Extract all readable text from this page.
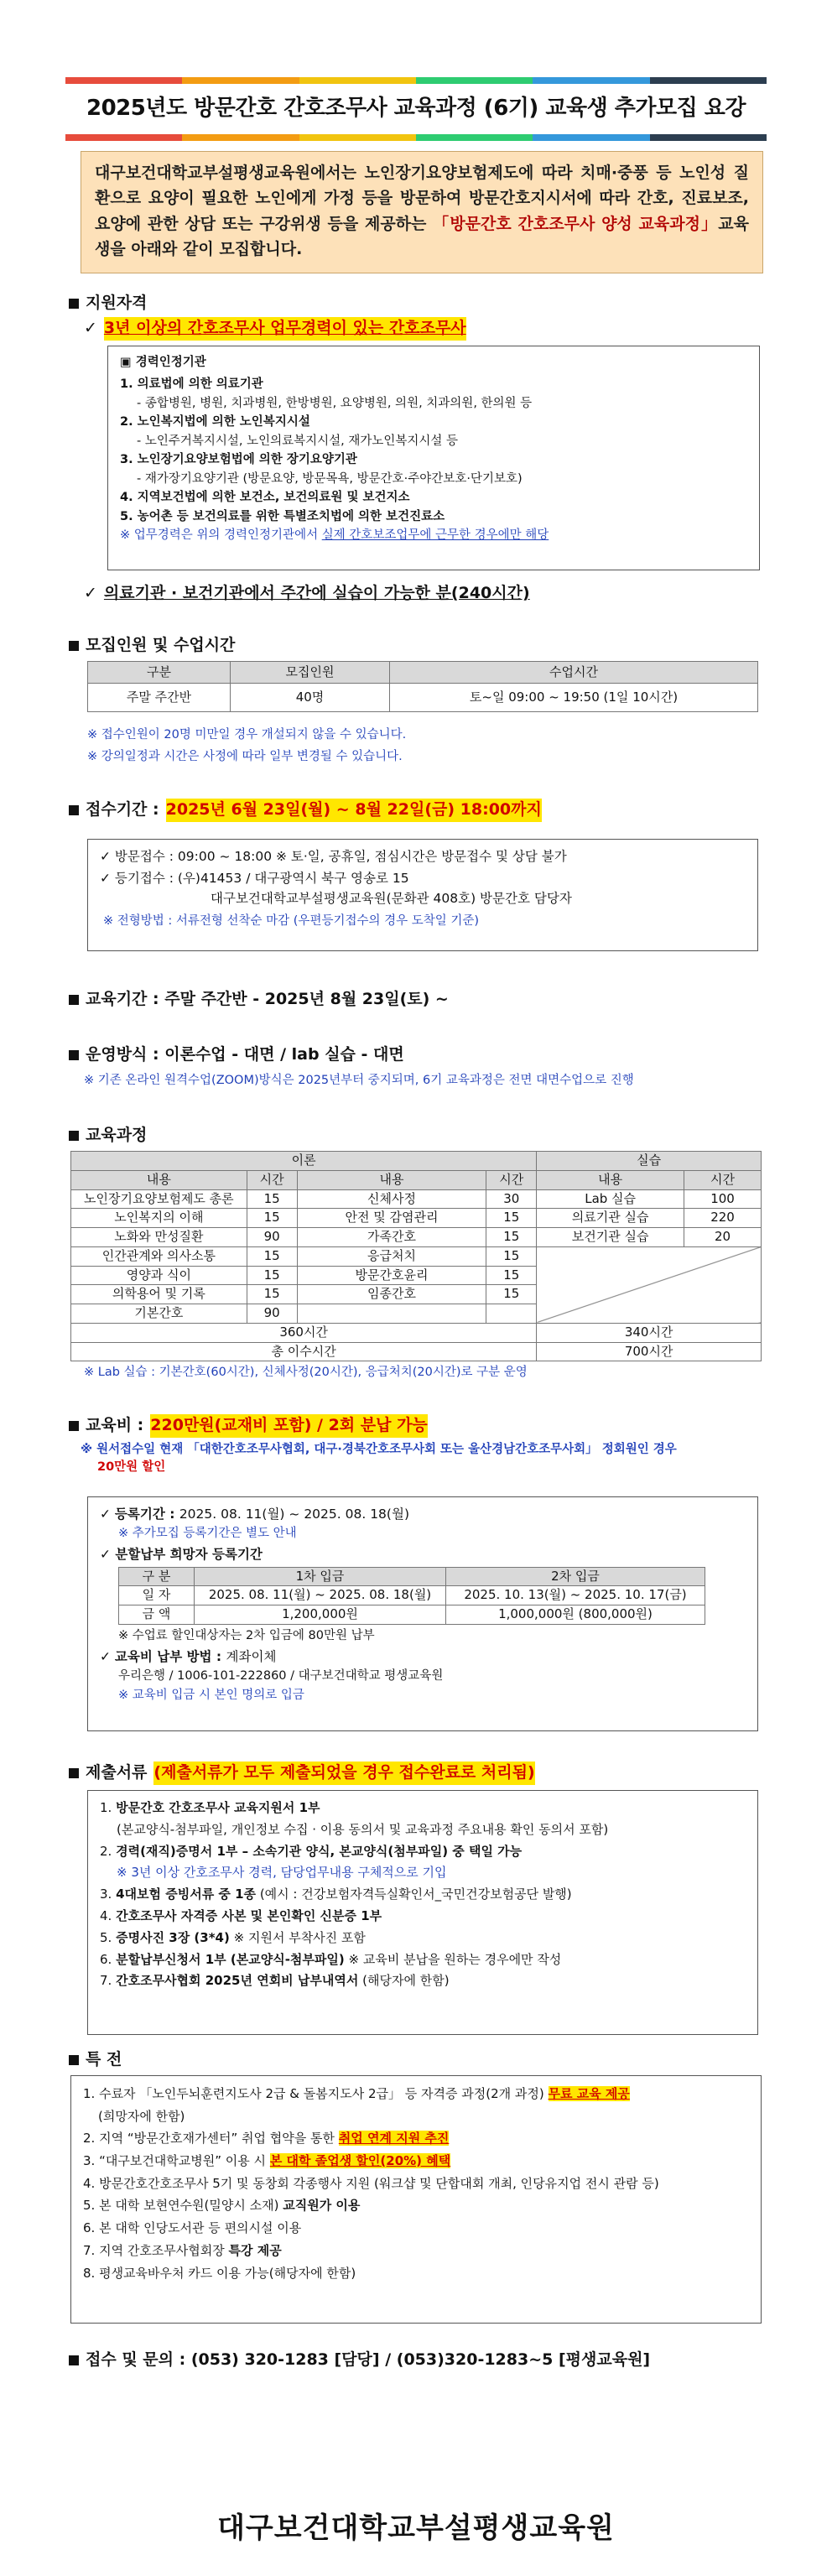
2025년도 방문간호 간호조무사 교육과정 (6기) 교육생 추가모집 요강
대구보건대학교부설평생교육원에서는 노인장기요양보험제도에 따라 치매·중풍 등 노인성 질환으로 요양이 필요한 노인에게 가정 등을 방문하여 방문간호지시서에 따라 간호, 진료보조, 요양에 관한 상담 또는 구강위생 등을 제공하는 「방문간호 간호조무사 양성 교육과정」교육생을 아래와 같이 모집합니다.
지원자격
✓ 3년 이상의 간호조무사 업무경력이 있는 간호조무사
▣ 경력인정기관
1. 의료법에 의한 의료기관
- 종합병원, 병원, 치과병원, 한방병원, 요양병원, 의원, 치과의원, 한의원 등
2. 노인복지법에 의한 노인복지시설
- 노인주거복지시설, 노인의료복지시설, 재가노인복지시설 등
3. 노인장기요양보험법에 의한 장기요양기관
- 재가장기요양기관 (방문요양, 방문목욕, 방문간호·주야간보호·단기보호)
4. 지역보건법에 의한 보건소, 보건의료원 및 보건지소
5. 농어촌 등 보건의료를 위한 특별조치법에 의한 보건진료소
※ 업무경력은 위의 경력인정기관에서 실제 간호보조업무에 근무한 경우에만 해당
✓ 의료기관 · 보건기관에서 주간에 실습이 가능한 분(240시간)
모집인원 및 수업시간
구분	모집인원	수업시간
주말 주간반	40명	토~일 09:00 ~ 19:50 (1일 10시간)
※ 접수인원이 20명 미만일 경우 개설되지 않을 수 있습니다.
※ 강의일정과 시간은 사정에 따라 일부 변경될 수 있습니다.
접수기간 : 2025년 6월 23일(월) ~ 8월 22일(금) 18:00까지
✓ 방문접수 : 09:00 ~ 18:00 ※ 토·일, 공휴일, 점심시간은 방문접수 및 상담 불가
✓ 등기접수 : (우)41453 / 대구광역시 북구 영송로 15
대구보건대학교부설평생교육원(문화관 408호) 방문간호 담당자
※ 전형방법 : 서류전형 선착순 마감 (우편등기접수의 경우 도착일 기준)
교육기간 : 주말 주간반 - 2025년 8월 23일(토) ~
운영방식 : 이론수업 - 대면 / lab 실습 - 대면
※ 기존 온라인 원격수업(ZOOM)방식은 2025년부터 중지되며, 6기 교육과정은 전면 대면수업으로 진행
교육과정
이론				실습	
내용	시간	내용	시간	내용	시간
노인장기요양보험제도 총론	15	신체사정	30	Lab 실습	100
노인복지의 이해	15	안전 및 감염관리	15	의료기관 실습	220
노화와 만성질환	90	가족간호	15	보건기관 실습	20
인간관계와 의사소통	15	응급처치	15		
영양과 식이	15	방문간호윤리	15		
의학용어 및 기록	15	임종간호	15		
기본간호	90				
360시간				340시간	
총 이수시간				700시간	
※ Lab 실습 : 기본간호(60시간), 신체사정(20시간), 응급처치(20시간)로 구분 운영
교육비 : 220만원(교재비 포함) / 2회 분납 가능
※ 원서접수일 현재 「대한간호조무사협회, 대구·경북간호조무사회 또는 울산경남간호조무사회」 정회원인 경우
20만원 할인
✓ 등록기간 : 2025. 08. 11(월) ~ 2025. 08. 18(월)
※ 추가모집 등록기간은 별도 안내
✓ 분할납부 희망자 등록기간
구 분	1차 입금	2차 입금
일 자	2025. 08. 11(월) ~ 2025. 08. 18(월)	2025. 10. 13(월) ~ 2025. 10. 17(금)
금 액	1,200,000원	1,000,000원 (800,000원)
※ 수업료 할인대상자는 2차 입금에 80만원 납부
✓ 교육비 납부 방법 : 계좌이체
우리은행 / 1006-101-222860 / 대구보건대학교 평생교육원
※ 교육비 입금 시 본인 명의로 입금
제출서류 (제출서류가 모두 제출되었을 경우 접수완료로 처리됨)
1. 방문간호 간호조무사 교육지원서 1부
(본교양식-첨부파일, 개인정보 수집 · 이용 동의서 및 교육과정 주요내용 확인 동의서 포함)
2. 경력(재직)증명서 1부 – 소속기관 양식, 본교양식(첨부파일) 중 택일 가능
※ 3년 이상 간호조무사 경력, 담당업무내용 구체적으로 기입
3. 4대보험 증빙서류 중 1종 (예시 : 건강보험자격득실확인서_국민건강보험공단 발행)
4. 간호조무사 자격증 사본 및 본인확인 신분증 1부
5. 증명사진 3장 (3*4) ※ 지원서 부착사진 포함
6. 분할납부신청서 1부 (본교양식-첨부파일) ※ 교육비 분납을 원하는 경우에만 작성
7. 간호조무사협회 2025년 연회비 납부내역서 (해당자에 한함)
특 전
1. 수료자 「노인두뇌훈련지도사 2급 & 돌봄지도사 2급」 등 자격증 과정(2개 과정) 무료 교육 제공
(희망자에 한함)
2. 지역 “방문간호재가센터” 취업 협약을 통한 취업 연계 지원 추진
3. “대구보건대학교병원” 이용 시 본 대학 졸업생 할인(20%) 혜택
4. 방문간호간호조무사 5기 및 동창회 각종행사 지원 (워크샵 및 단합대회 개최, 인당유지업 전시 관람 등)
5. 본 대학 보현연수원(밀양시 소재) 교직원가 이용
6. 본 대학 인당도서관 등 편의시설 이용
7. 지역 간호조무사협회장 특강 제공
8. 평생교육바우처 카드 이용 가능(해당자에 한함)
접수 및 문의 : (053) 320-1283 [담당] / (053)320-1283~5 [평생교육원]
대구보건대학교부설평생교육원
